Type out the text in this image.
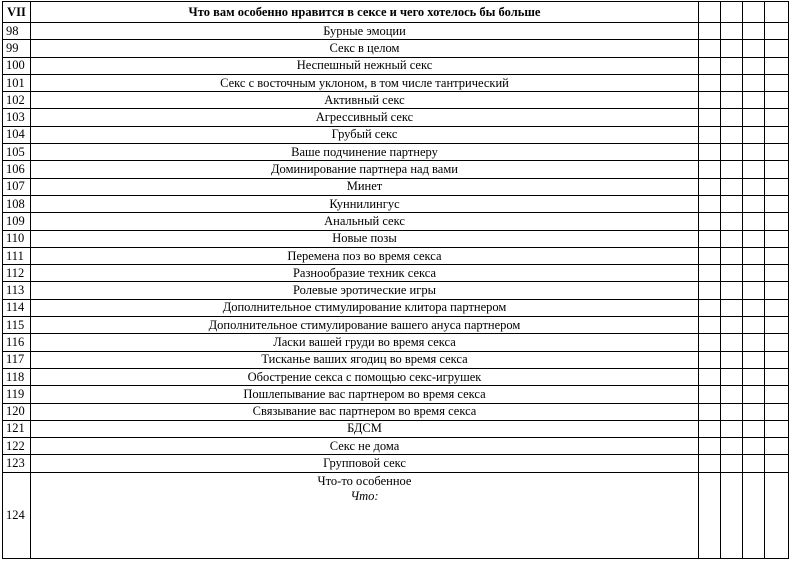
VII	Что вам особенно нравится в сексе и чего хотелось бы больше				
98	Бурные эмоции				
99	Секс в целом				
100	Неспешный нежный секс				
101	Секс с восточным уклоном, в том числе тантрический				
102	Активный секс				
103	Агрессивный секс				
104	Грубый секс				
105	Ваше подчинение партнеру				
106	Доминирование партнера над вами				
107	Минет				
108	Куннилингус				
109	Анальный секс				
110	Новые позы				
111	Перемена поз во время секса				
112	Разнообразие техник секса				
113	Ролевые эротические игры				
114	Дополнительное стимулирование клитора партнером				
115	Дополнительное стимулирование вашего ануса партнером				
116	Ласки вашей груди во время секса				
117	Тисканье ваших ягодиц во время секса				
118	Обострение секса с помощью секс-игрушек				
119	Пошлепывание вас партнером во время секса				
120	Связывание вас партнером во время секса				
121	БДСМ				
122	Секс не дома				
123	Групповой секс				
124	Что-то особенное
Что:				
